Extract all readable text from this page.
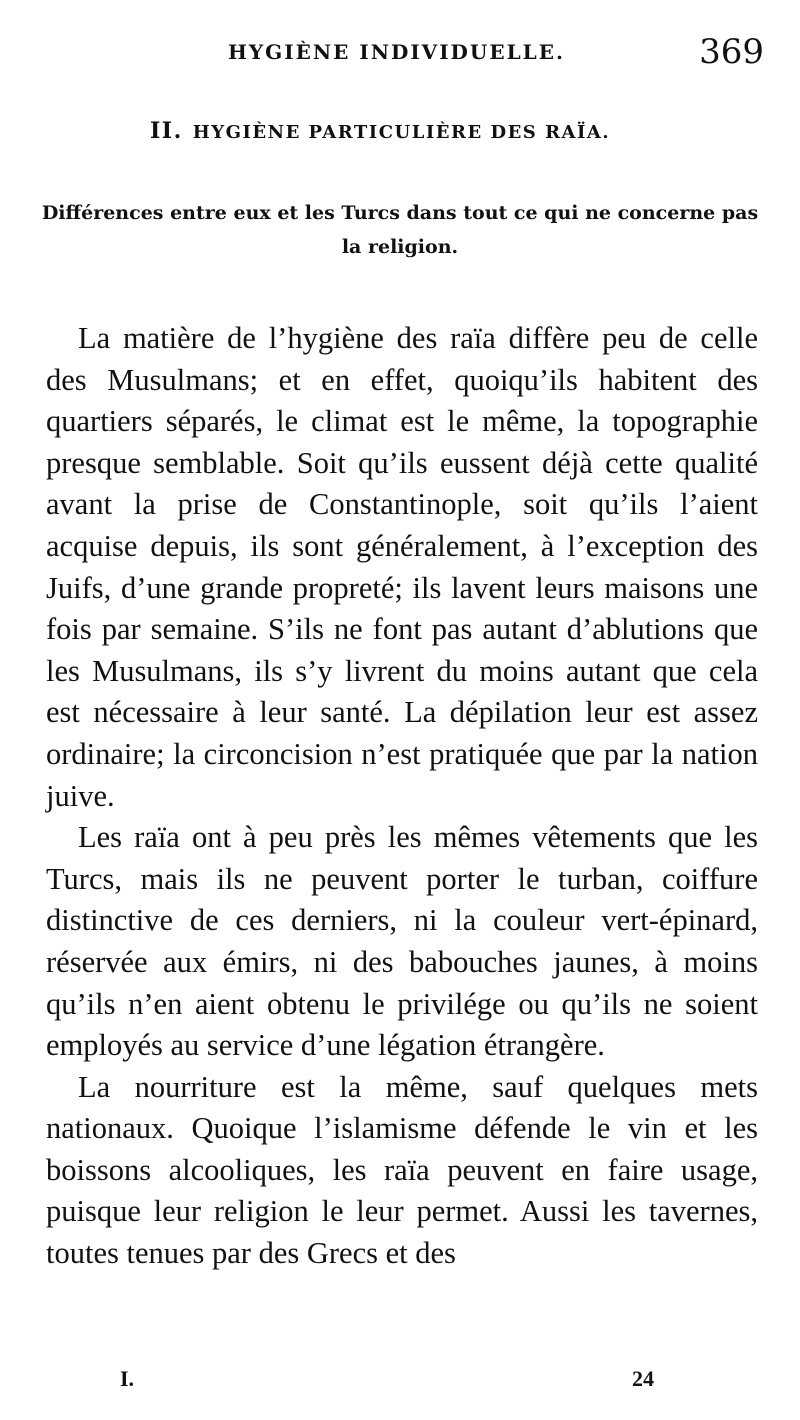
HYGIÈNE INDIVIDUELLE.	369
II. HYGIÈNE PARTICULIÈRE DES RAÏA.
Différences entre eux et les Turcs dans tout ce qui ne concerne pas la religion.

La matière de l’hygiène des raïa diffère peu de celle des Musulmans; et en effet, quoiqu’ils habitent des quartiers séparés, le climat est le même, la topographie presque semblable. Soit qu’ils eussent déjà cette qualité avant la prise de Constantinople, soit qu’ils l’aient acquise depuis, ils sont généralement, à l’exception des Juifs, d’une grande propreté; ils lavent leurs maisons une fois par semaine. S’ils ne font pas autant d’ablutions que les Musulmans, ils s’y livrent du moins autant que cela est nécessaire à leur santé. La dépilation leur est assez ordinaire; la circoncision n’est pratiquée que par la nation juive.

Les raïa ont à peu près les mêmes vêtements que les Turcs, mais ils ne peuvent porter le turban, coiffure distinctive de ces derniers, ni la couleur vert-épinard, réservée aux émirs, ni des babouches jaunes, à moins qu’ils n’en aient obtenu le privilége ou qu’ils ne soient employés au service d’une légation étrangère.

La nourriture est la même, sauf quelques mets nationaux. Quoique l’islamisme défende le vin et les boissons alcooliques, les raïa peuvent en faire usage, puisque leur religion le leur permet. Aussi les tavernes, toutes tenues par des Grecs et des

I.	24
